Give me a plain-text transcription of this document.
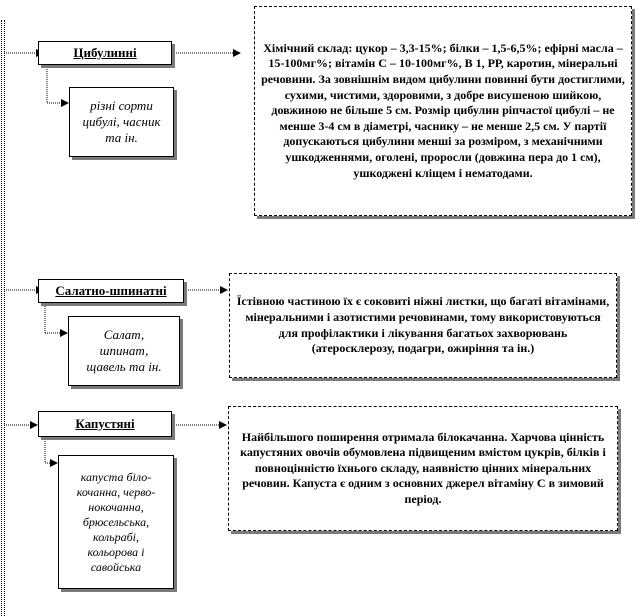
Цибулинні
різні сорти
цибулі, часник
та ін.
Хімічний склад: цукор – 3,3-15%; білки – 1,5-6,5%; ефірні масла – 15-100мг%; вітамін С – 10-100мг%, В 1, РР, каротин, мінеральні речовини. За зовнішнім видом цибулини повинні бути достиглими, сухими, чистими, здоровими, з добре висушеною шийкою, довжиною не більше 5 см. Розмір цибулин ріпчастої цибулі – не менше 3-4 см в діаметрі, часнику – не менше 2,5 см. У партії допускаються цибулини менші за розміром, з механічними ушкодженнями, оголені, проросли (довжина пера до 1 см), ушкоджені кліщем і нематодами.
Салатно-шпинатні
Салат,
шпинат,
щавель та ін.
Їстівною частиною їх є соковиті ніжні листки, що багаті вітамінами, мінеральними і азотистими речовинами, тому використовуються для профілактики і лікування багатьох захворювань (атеросклерозу, подагри, ожиріння та ін.)
Капустяні
капуста біло-
кочанна, черво-
нокочанна,
брюсельська,
кольрабі,
кольорова і
савойська
Найбільшого поширення отримала білокачанна. Харчова цінність капустяних овочів обумовлена підвищеним вмістом цукрів, білків і повноцінністю їхнього складу, наявністю цінних мінеральних речовин. Капуста є одним з основних джерел вітаміну С в зимовий період.
